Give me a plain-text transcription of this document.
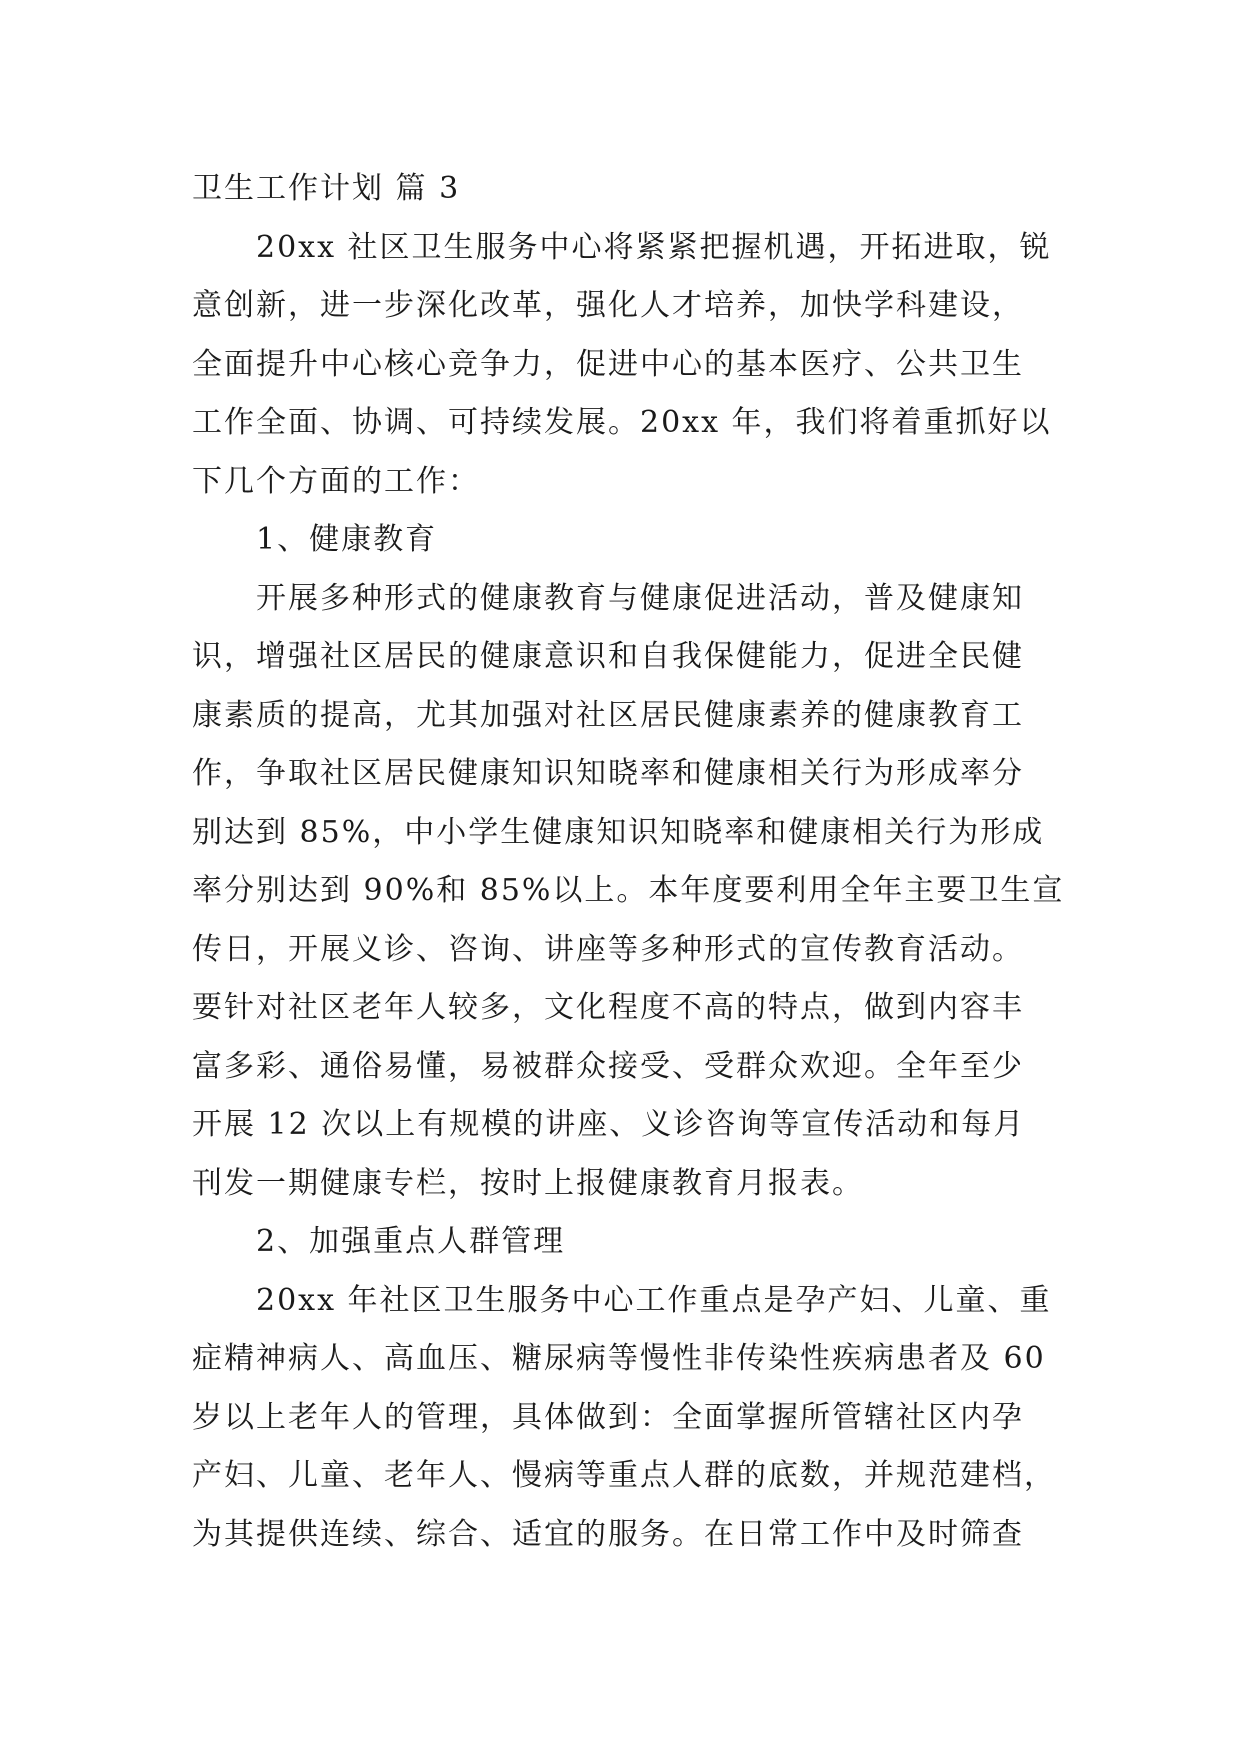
卫生工作计划 篇 3
20xx 社区卫生服务中心将紧紧把握机遇，开拓进取，锐
意创新，进一步深化改革，强化人才培养，加快学科建设，
全面提升中心核心竞争力，促进中心的基本医疗、公共卫生
工作全面、协调、可持续发展。20xx 年，我们将着重抓好以
下几个方面的工作：
1、健康教育
开展多种形式的健康教育与健康促进活动，普及健康知
识，增强社区居民的健康意识和自我保健能力，促进全民健
康素质的提高，尤其加强对社区居民健康素养的健康教育工
作，争取社区居民健康知识知晓率和健康相关行为形成率分
别达到 85%，中小学生健康知识知晓率和健康相关行为形成
率分别达到 90%和 85%以上。本年度要利用全年主要卫生宣
传日，开展义诊、咨询、讲座等多种形式的宣传教育活动。
要针对社区老年人较多，文化程度不高的特点，做到内容丰
富多彩、通俗易懂，易被群众接受、受群众欢迎。全年至少
开展 12 次以上有规模的讲座、义诊咨询等宣传活动和每月
刊发一期健康专栏，按时上报健康教育月报表。
2、加强重点人群管理
20xx 年社区卫生服务中心工作重点是孕产妇、儿童、重
症精神病人、高血压、糖尿病等慢性非传染性疾病患者及 60
岁以上老年人的管理，具体做到：全面掌握所管辖社区内孕
产妇、儿童、老年人、慢病等重点人群的底数，并规范建档，
为其提供连续、综合、适宜的服务。在日常工作中及时筛查
